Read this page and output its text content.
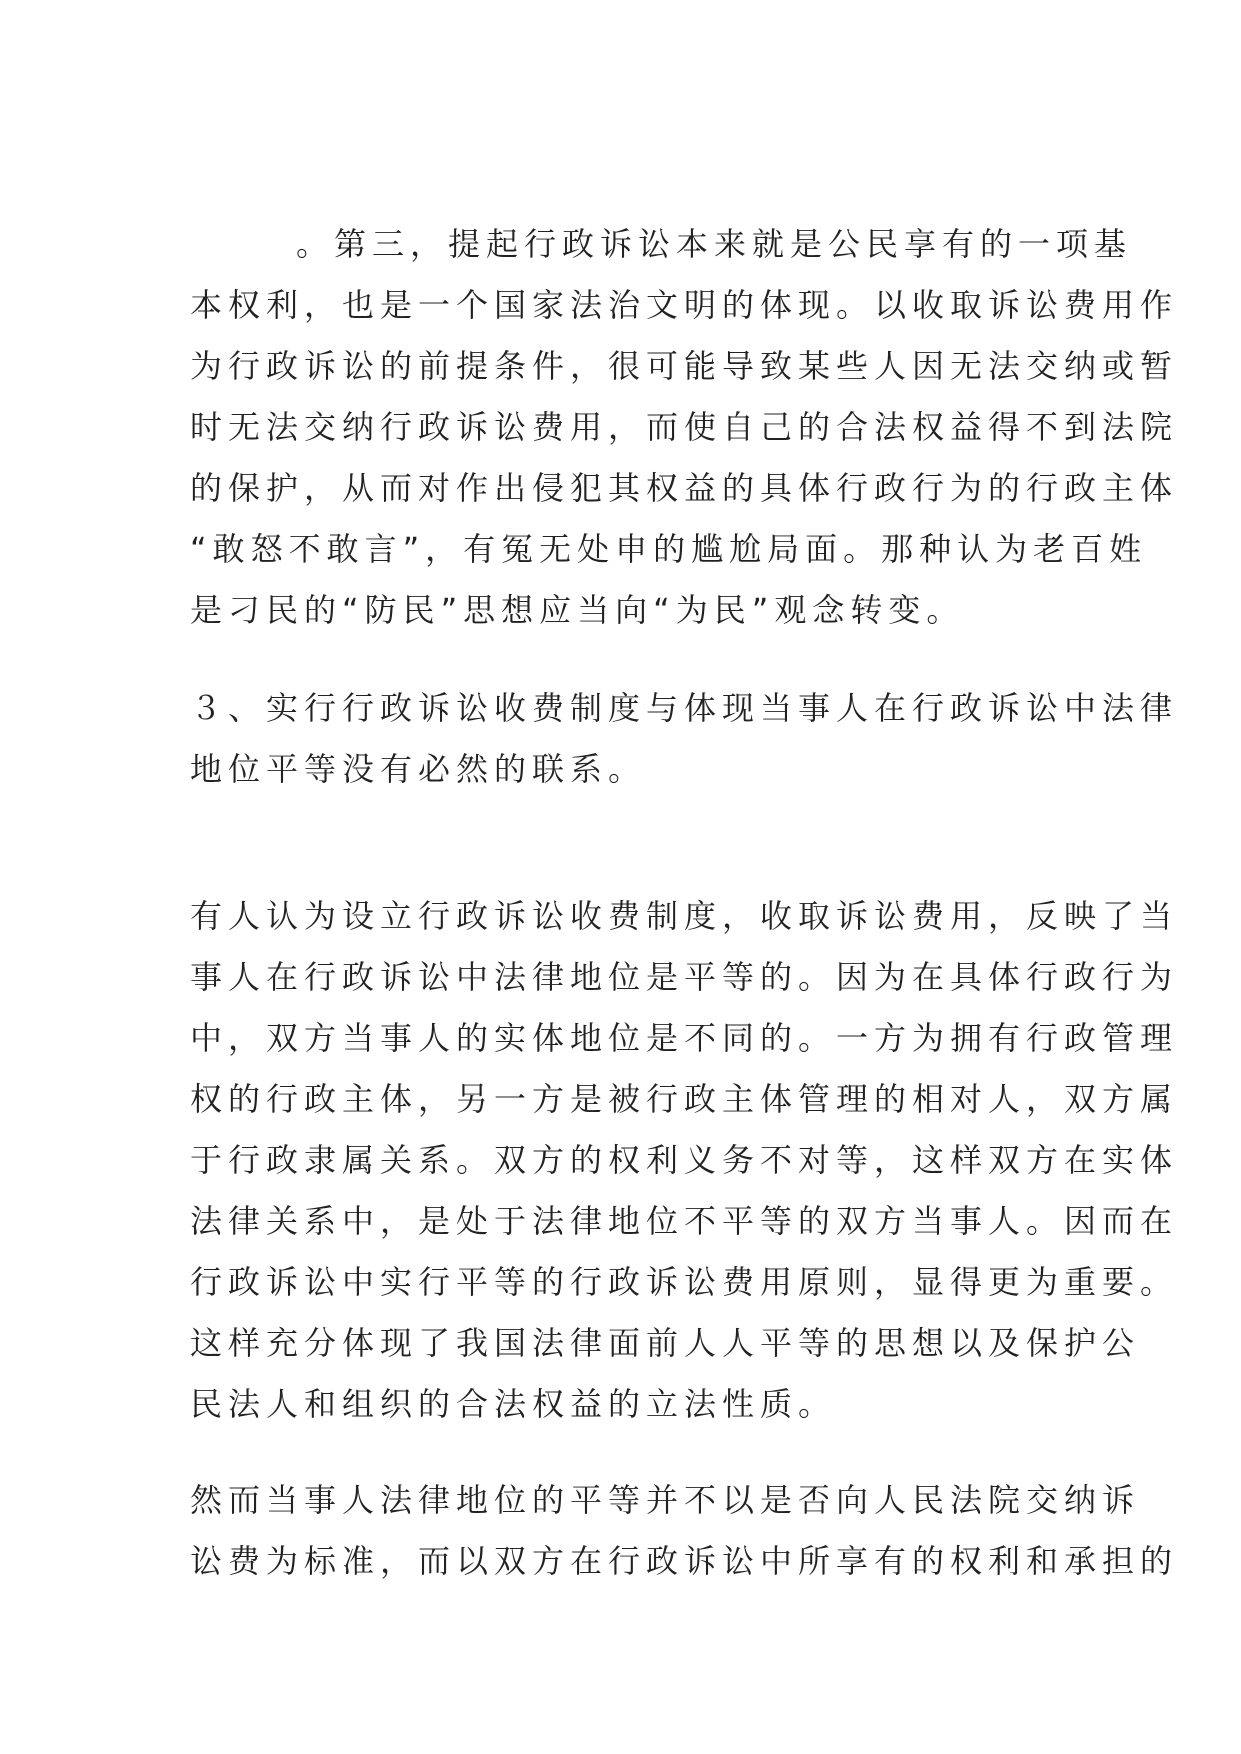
。第三，提起行政诉讼本来就是公民享有的一项基
本权利，也是一个国家法治文明的体现。以收取诉讼费用作
为行政诉讼的前提条件，很可能导致某些人因无法交纳或暂
时无法交纳行政诉讼费用，而使自己的合法权益得不到法院
的保护，从而对作出侵犯其权益的具体行政行为的行政主体
“敢怒不敢言”，有冤无处申的尴尬局面。那种认为老百姓
是刁民的“防民”思想应当向“为民”观念转变。
３、实行行政诉讼收费制度与体现当事人在行政诉讼中法律
地位平等没有必然的联系。
有人认为设立行政诉讼收费制度，收取诉讼费用，反映了当
事人在行政诉讼中法律地位是平等的。因为在具体行政行为
中，双方当事人的实体地位是不同的。一方为拥有行政管理
权的行政主体，另一方是被行政主体管理的相对人，双方属
于行政隶属关系。双方的权利义务不对等，这样双方在实体
法律关系中，是处于法律地位不平等的双方当事人。因而在
行政诉讼中实行平等的行政诉讼费用原则，显得更为重要。
这样充分体现了我国法律面前人人平等的思想以及保护公
民法人和组织的合法权益的立法性质。
然而当事人法律地位的平等并不以是否向人民法院交纳诉
讼费为标准，而以双方在行政诉讼中所享有的权利和承担的
